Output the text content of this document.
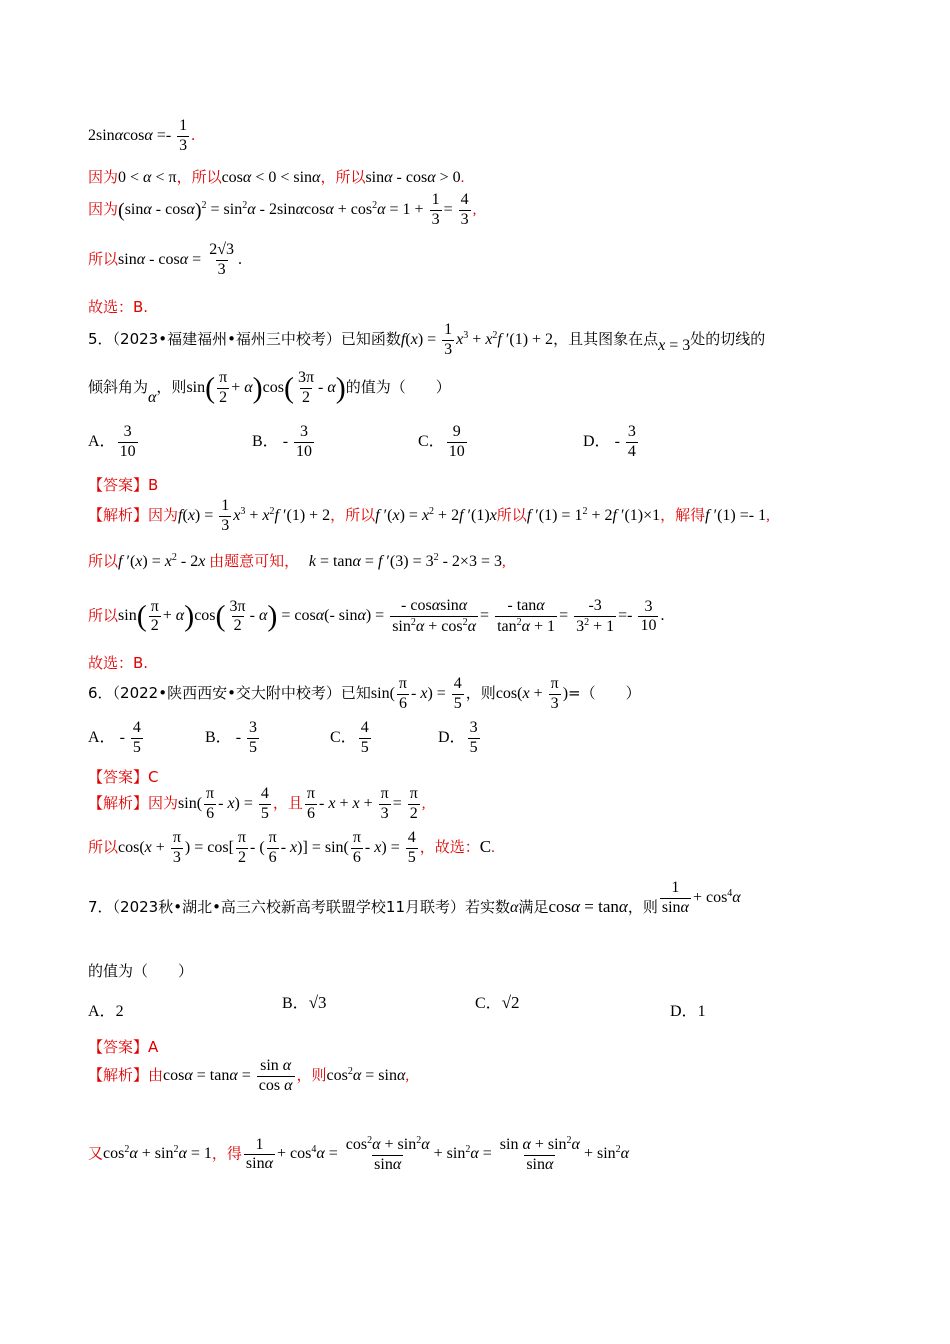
$2\sin\alpha\cos\alpha =- \frac{1}{3}$ .
因为0 < α < π，所以cosα < 0 < sinα，所以sinα - cosα > 0.
因为$(\sin\alpha - \cos\alpha)^2 = \sin^2\alpha - 2\sin\alpha\cos\alpha + \cos^2\alpha = 1 + \frac{1}{3} = \frac{4}{3}$ ,
所以$\sin\alpha - \cos\alpha = \frac{2√3}{3}$ .
故选：B.
5．（2023•福建福州•福州三中校考）已知函数$f(x) = \frac{1}{3} x^3 + x^2f$ ′(1) + 2，且其图象在点x = 3处的切线的
倾斜角为α，则$\sin( \frac{\pi}{2} + \alpha)\cos( \frac{3\pi}{2} - \alpha)$的值为（　　）
A． $\frac{3}{10}$	B． - $\frac{3}{10}$	C． $\frac{9}{10}$	D． - $\frac{3}{4}$
【答案】B
【解析】因为$f(x) = \frac{1}{3} x^3 + x^2f$ ′(1) + 2，所以f $'(x) = x^2 + 2f$ ′(1)x所以f $'(1) = 1^2 + 2f$ ′(1)×1，解得f ′(1) =- 1,
所以f $'(x) = x^2 - 2x$ 由题意可知， k = tanα = f $'(3) = 3^2 - 2\times 3 = 3$,
所以$\sin( \frac{\pi}{2} + \alpha)\cos( \frac{3\pi}{2} - \alpha) = \cos\alpha(-$ $\sin\alpha) = \frac{- \cos\alpha\sin\alpha}{\sin^2\alpha + \cos^2\alpha} = \frac{- \tan\alpha}{\tan^2\alpha + 1} = \frac{-3}{3^2 + 1} =- \frac{3}{10}$ .
故选：B.
6．（2022•陕西西安•交大附中校考）已知$\sin( \frac{\pi}{6} - x) = \frac{4}{5}$ ，则$\cos(x + \frac{\pi}{3}$ )=（　　）
A． - $\frac{4}{5}$	B． - $\frac{3}{5}$	C． $\frac{4}{5}$	D． $\frac{3}{5}$
【答案】C
【解析】因为$\sin( \frac{\pi}{6} - x) = \frac{4}{5}$ ，且 $\frac{\pi}{6} - x + x + \frac{\pi}{3} = \frac{\pi}{2}$ ,
所以$\cos(x + \frac{\pi}{3}$ ) = $\cos[ \frac{\pi}{2}$ - ( $\frac{\pi}{6} - x)] = \sin( \frac{\pi}{6} - x) = \frac{4}{5}$ ，故选：C.
7．（2023秋•湖北•高三六校新高考联盟学校11月联考）若实数α满足cosα = tanα，则 $\frac{1}{\sin\alpha} + \cos^4\alpha$
的值为（　　）
A．2	B．√3	C．√2	D．1
【答案】A
【解析】由$\cos\alpha = \tan\alpha = \frac{\text{sin α}}{\text{cos α}}$ ，则$\cos^2\alpha = \sin\alpha$,
又$\cos^2\alpha + \sin^2\alpha = 1$，得 $\frac{1}{\sin\alpha} + \cos^4\alpha = \frac{\cos^2\alpha + \sin^2\alpha}{\sin\alpha} + \sin^2\alpha = \frac{\sin \alpha + \sin^2\alpha}{\sin\alpha} + \sin^2\alpha$
